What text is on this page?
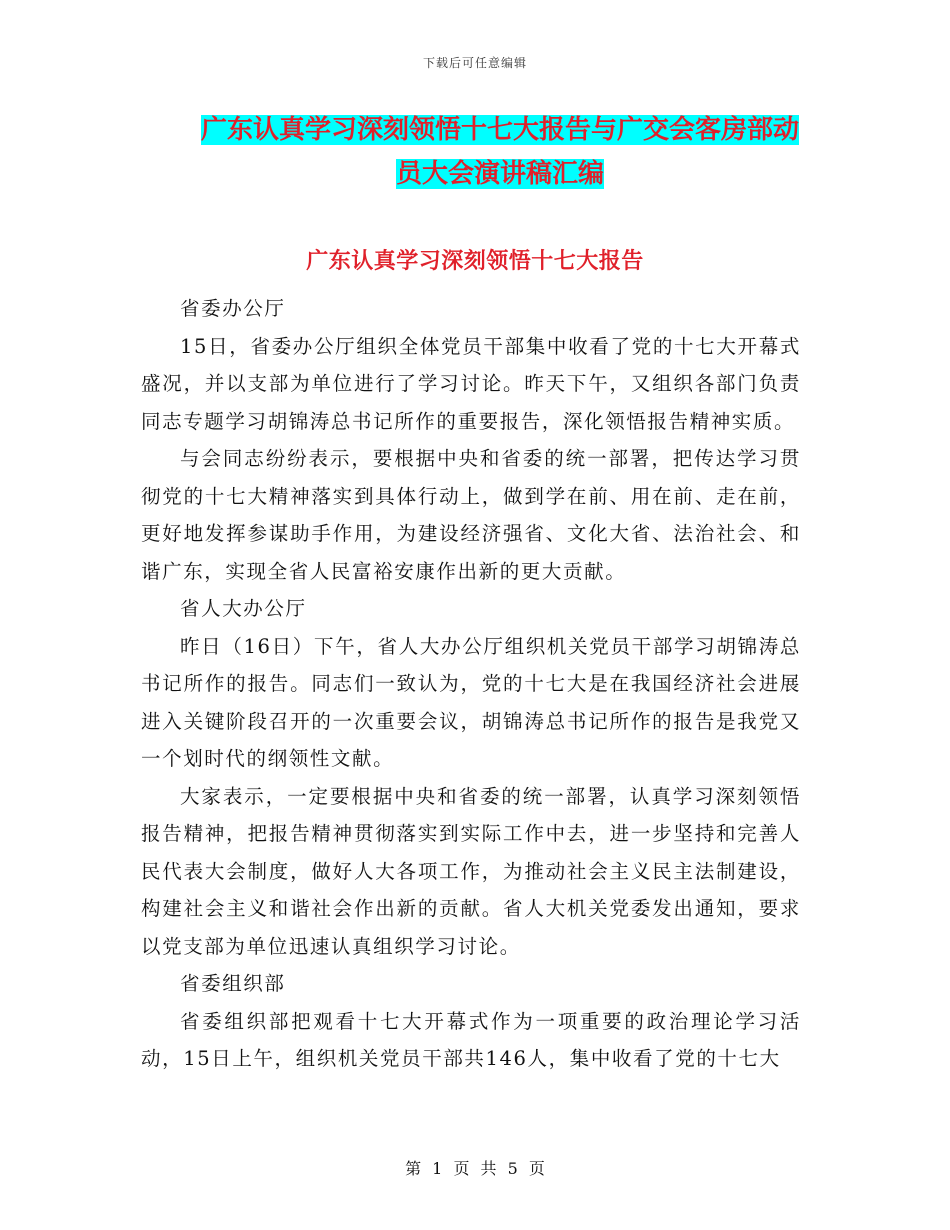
下载后可任意编辑
广东认真学习深刻领悟十七大报告与广交会客房部动员大会演讲稿汇编
广东认真学习深刻领悟十七大报告

省委办公厅

15日，省委办公厅组织全体党员干部集中收看了党的十七大开幕式盛况，并以支部为单位进行了学习讨论。昨天下午，又组织各部门负责同志专题学习胡锦涛总书记所作的重要报告，深化领悟报告精神实质。

与会同志纷纷表示，要根据中央和省委的统一部署，把传达学习贯彻党的十七大精神落实到具体行动上，做到学在前、用在前、走在前，更好地发挥参谋助手作用，为建设经济强省、文化大省、法治社会、和谐广东，实现全省人民富裕安康作出新的更大贡献。

省人大办公厅

昨日（16日）下午，省人大办公厅组织机关党员干部学习胡锦涛总书记所作的报告。同志们一致认为，党的十七大是在我国经济社会进展进入关键阶段召开的一次重要会议，胡锦涛总书记所作的报告是我党又一个划时代的纲领性文献。

大家表示，一定要根据中央和省委的统一部署，认真学习深刻领悟报告精神，把报告精神贯彻落实到实际工作中去，进一步坚持和完善人民代表大会制度，做好人大各项工作，为推动社会主义民主法制建设，构建社会主义和谐社会作出新的贡献。省人大机关党委发出通知，要求以党支部为单位迅速认真组织学习讨论。

省委组织部

省委组织部把观看十七大开幕式作为一项重要的政治理论学习活动，15日上午，组织机关党员干部共146人，集中收看了党的十七大

第 1 页 共 5 页
